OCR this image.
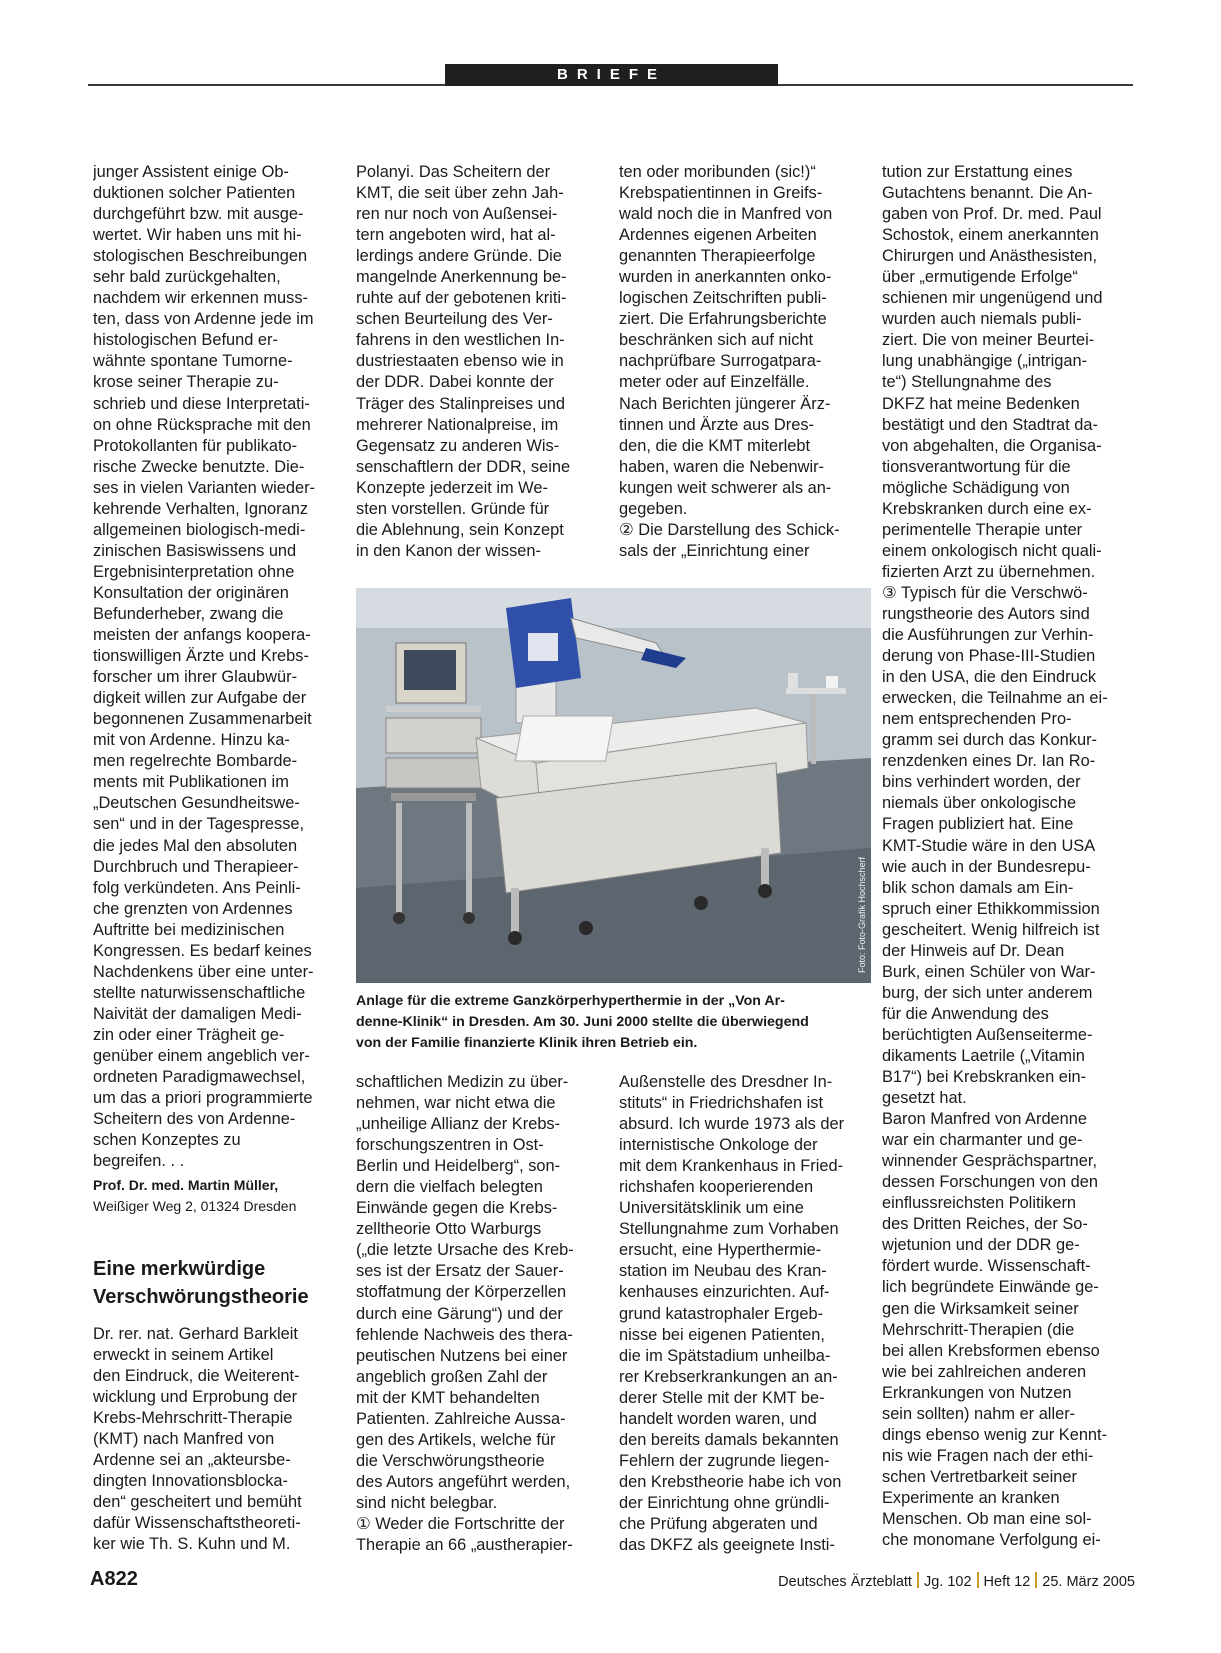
BRIEFE
junger Assistent einige Ob-
duktionen solcher Patienten
durchgeführt bzw. mit ausge-
wertet. Wir haben uns mit hi-
stologischen Beschreibungen
sehr bald zurückgehalten,
nachdem wir erkennen muss-
ten, dass von Ardenne jede im
histologischen Befund er-
wähnte spontane Tumorne-
krose seiner Therapie zu-
schrieb und diese Interpretati-
on ohne Rücksprache mit den
Protokollanten für publikato-
rische Zwecke benutzte. Die-
ses in vielen Varianten wieder-
kehrende Verhalten, Ignoranz
allgemeinen biologisch-medi-
zinischen Basiswissens und
Ergebnisinterpretation ohne
Konsultation der originären
Befunderheber, zwang die
meisten der anfangs koopera-
tionswilligen Ärzte und Krebs-
forscher um ihrer Glaubwür-
digkeit willen zur Aufgabe der
begonnenen Zusammenarbeit
mit von Ardenne. Hinzu ka-
men regelrechte Bombarde-
ments mit Publikationen im
„Deutschen Gesundheitswe-
sen“ und in der Tagespresse,
die jedes Mal den absoluten
Durchbruch und Therapieer-
folg verkündeten. Ans Peinli-
che grenzten von Ardennes
Auftritte bei medizinischen
Kongressen. Es bedarf keines
Nachdenkens über eine unter-
stellte naturwissenschaftliche
Naivität der damaligen Medi-
zin oder einer Trägheit ge-
genüber einem angeblich ver-
ordneten Paradigmawechsel,
um das a priori programmierte
Scheitern des von Ardenne-
schen Konzeptes zu
begreifen. . .
Prof. Dr. med. Martin Müller,
Weißiger Weg 2, 01324 Dresden
Eine merkwürdige
Verschwörungstheorie
Dr. rer. nat. Gerhard Barkleit
erweckt in seinem Artikel
den Eindruck, die Weiterent-
wicklung und Erprobung der
Krebs-Mehrschritt-Therapie
(KMT) nach Manfred von
Ardenne sei an „akteursbe-
dingten Innovationsblocka-
den“ gescheitert und bemüht
dafür Wissenschaftstheoreti-
ker wie Th. S. Kuhn und M.
Polanyi. Das Scheitern der
KMT, die seit über zehn Jah-
ren nur noch von Außensei-
tern angeboten wird, hat al-
lerdings andere Gründe. Die
mangelnde Anerkennung be-
ruhte auf der gebotenen kriti-
schen Beurteilung des Ver-
fahrens in den westlichen In-
dustriestaaten ebenso wie in
der DDR. Dabei konnte der
Träger des Stalinpreises und
mehrerer Nationalpreise, im
Gegensatz zu anderen Wis-
senschaftlern der DDR, seine
Konzepte jederzeit im We-
sten vorstellen. Gründe für
die Ablehnung, sein Konzept
in den Kanon der wissen-
ten oder moribunden (sic!)“
Krebspatientinnen in Greifs-
wald noch die in Manfred von
Ardennes eigenen Arbeiten
genannten Therapieerfolge
wurden in anerkannten onko-
logischen Zeitschriften publi-
ziert. Die Erfahrungsberichte
beschränken sich auf nicht
nachprüfbare Surrogatpara-
meter oder auf Einzelfälle.
Nach Berichten jüngerer Ärz-
tinnen und Ärzte aus Dres-
den, die die KMT miterlebt
haben, waren die Nebenwir-
kungen weit schwerer als an-
gegeben.
② Die Darstellung des Schick-
sals der „Einrichtung einer
tution zur Erstattung eines
Gutachtens benannt. Die An-
gaben von Prof. Dr. med. Paul
Schostok, einem anerkannten
Chirurgen und Anästhesisten,
über „ermutigende Erfolge“
schienen mir ungenügend und
wurden auch niemals publi-
ziert. Die von meiner Beurtei-
lung unabhängige („intrigan-
te“) Stellungnahme des
DKFZ hat meine Bedenken
bestätigt und den Stadtrat da-
von abgehalten, die Organisa-
tionsverantwortung für die
mögliche Schädigung von
Krebskranken durch eine ex-
perimentelle Therapie unter
einem onkologisch nicht quali-
fizierten Arzt zu übernehmen.
③ Typisch für die Verschwö-
rungstheorie des Autors sind
die Ausführungen zur Verhin-
derung von Phase-III-Studien
in den USA, die den Eindruck
erwecken, die Teilnahme an ei-
nem entsprechenden Pro-
gramm sei durch das Konkur-
renzdenken eines Dr. Ian Ro-
bins verhindert worden, der
niemals über onkologische
Fragen publiziert hat. Eine
KMT-Studie wäre in den USA
wie auch in der Bundesrepu-
blik schon damals am Ein-
spruch einer Ethikkommission
gescheitert. Wenig hilfreich ist
der Hinweis auf Dr. Dean
Burk, einen Schüler von War-
burg, der sich unter anderem
für die Anwendung des
berüchtigten Außenseiterme-
dikaments Laetrile („Vitamin
B17“) bei Krebskranken ein-
gesetzt hat.
Baron Manfred von Ardenne
war ein charmanter und ge-
winnender Gesprächspartner,
dessen Forschungen von den
einflussreichsten Politikern
des Dritten Reiches, der So-
wjetunion und der DDR ge-
fördert wurde. Wissenschaft-
lich begründete Einwände ge-
gen die Wirksamkeit seiner
Mehrschritt-Therapien (die
bei allen Krebsformen ebenso
wie bei zahlreichen anderen
Erkrankungen von Nutzen
sein sollten) nahm er aller-
dings ebenso wenig zur Kennt-
nis wie Fragen nach der ethi-
schen Vertretbarkeit seiner
Experimente an kranken
Menschen. Ob man eine sol-
che monomane Verfolgung ei-
Foto: Foto-Grafik Hochscherf
Anlage für die extreme Ganzkörperhyperthermie in der „Von Ar-
denne-Klinik“ in Dresden. Am 30. Juni 2000 stellte die überwiegend
von der Familie finanzierte Klinik ihren Betrieb ein.
schaftlichen Medizin zu über-
nehmen, war nicht etwa die
„unheilige Allianz der Krebs-
forschungszentren in Ost-
Berlin und Heidelberg“, son-
dern die vielfach belegten
Einwände gegen die Krebs-
zelltheorie Otto Warburgs
(„die letzte Ursache des Kreb-
ses ist der Ersatz der Sauer-
stoffatmung der Körperzellen
durch eine Gärung“) und der
fehlende Nachweis des thera-
peutischen Nutzens bei einer
angeblich großen Zahl der
mit der KMT behandelten
Patienten. Zahlreiche Aussa-
gen des Artikels, welche für
die Verschwörungstheorie
des Autors angeführt werden,
sind nicht belegbar.
① Weder die Fortschritte der
Therapie an 66 „austherapier-
Außenstelle des Dresdner In-
stituts“ in Friedrichshafen ist
absurd. Ich wurde 1973 als der
internistische Onkologe der
mit dem Krankenhaus in Fried-
richshafen kooperierenden
Universitätsklinik um eine
Stellungnahme zum Vorhaben
ersucht, eine Hyperthermie-
station im Neubau des Kran-
kenhauses einzurichten. Auf-
grund katastrophaler Ergeb-
nisse bei eigenen Patienten,
die im Spätstadium unheilba-
rer Krebserkrankungen an an-
derer Stelle mit der KMT be-
handelt worden waren, und
den bereits damals bekannten
Fehlern der zugrunde liegen-
den Krebstheorie habe ich von
der Einrichtung ohne gründli-
che Prüfung abgeraten und
das DKFZ als geeignete Insti-
A822	Deutsches Ärzteblatt Jg. 102 Heft 12 25. März 2005
